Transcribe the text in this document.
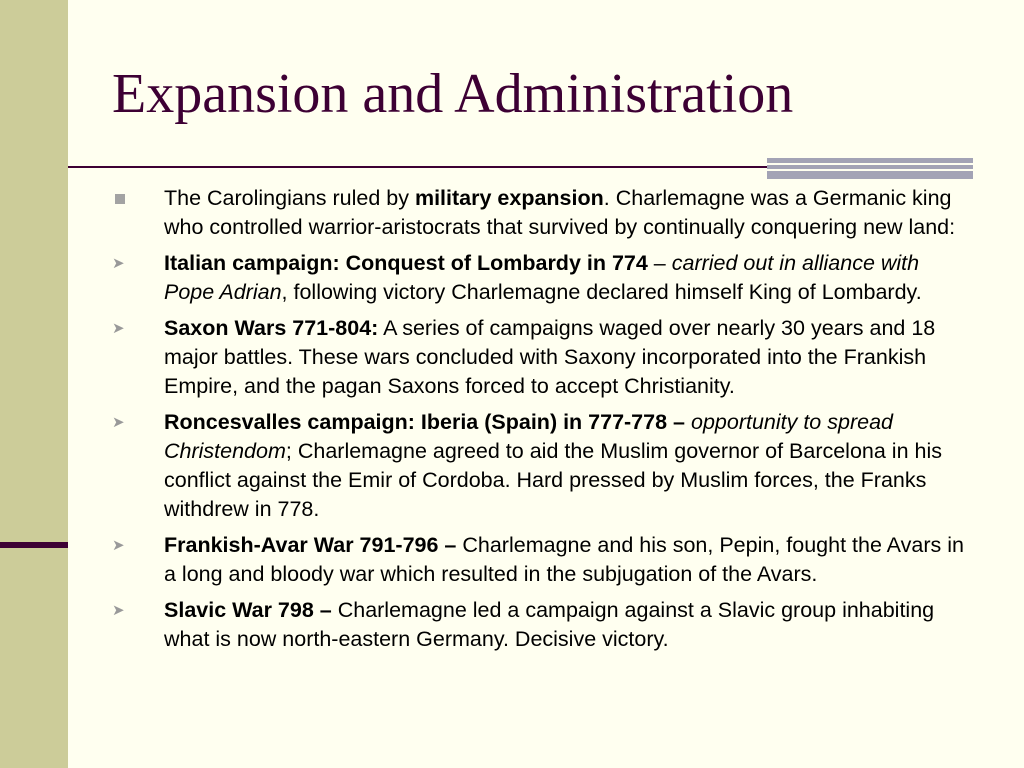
Expansion and Administration
The Carolingians ruled by military expansion. Charlemagne was a Germanic king who controlled warrior-aristocrats that survived by continually conquering new land:
➤	Italian campaign: Conquest of Lombardy in 774 – carried out in alliance with Pope Adrian, following victory Charlemagne declared himself King of Lombardy.
➤	Saxon Wars 771-804: A series of campaigns waged over nearly 30 years and 18 major battles. These wars concluded with Saxony incorporated into the Frankish Empire, and the pagan Saxons forced to accept Christianity.
➤	Roncesvalles campaign: Iberia (Spain) in 777-778 – opportunity to spread Christendom; Charlemagne agreed to aid the Muslim governor of Barcelona in his conflict against the Emir of Cordoba. Hard pressed by Muslim forces, the Franks withdrew in 778.
➤	Frankish-Avar War 791-796 – Charlemagne and his son, Pepin, fought the Avars in a long and bloody war which resulted in the subjugation of the Avars.
➤	Slavic War 798 – Charlemagne led a campaign against a Slavic group inhabiting what is now north-eastern Germany. Decisive victory.
